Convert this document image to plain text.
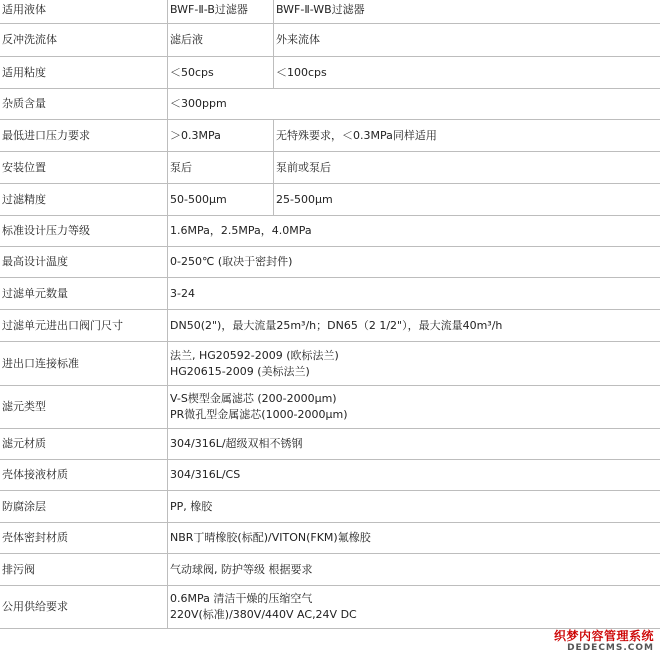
适用液体	BWF-Ⅱ-B过滤器	BWF-Ⅱ-WB过滤器
反冲洗流体	滤后液	外来流体
适用粘度	＜50cps	＜100cps
杂质含量	＜300ppm	
最低进口压力要求	＞0.3MPa	无特殊要求，＜0.3MPa同样适用
安装位置	泵后	泵前或泵后
过滤精度	50-500μm	25-500μm
标准设计压力等级	1.6MPa，2.5MPa，4.0MPa	
最高设计温度	0-250℃ (取决于密封件)	
过滤单元数量	3-24	
过滤单元进出口阀门尺寸	DN50(2")，最大流量25m³/h；DN65（2 1/2"），最大流量40m³/h	
进出口连接标准	法兰, HG20592-2009 (欧标法兰)
HG20615-2009 (美标法兰)	

滤元类型	V-S楔型金属滤芯 (200-2000μm)
PR微孔型金属滤芯(1000-2000μm)	

滤元材质	304/316L/超级双相不锈钢	
壳体接液材质	304/316L/CS	
防腐涂层	PP, 橡胶	
壳体密封材质	NBR丁晴橡胶(标配)/VITON(FKM)氟橡胶	
排污阀	气动球阀, 防护等级 根据要求	
公用供给要求	0.6MPa 清洁干燥的压缩空气
220V(标准)/380V/440V AC,24V DC	
织梦内容管理系统
DEDECMS.COM
